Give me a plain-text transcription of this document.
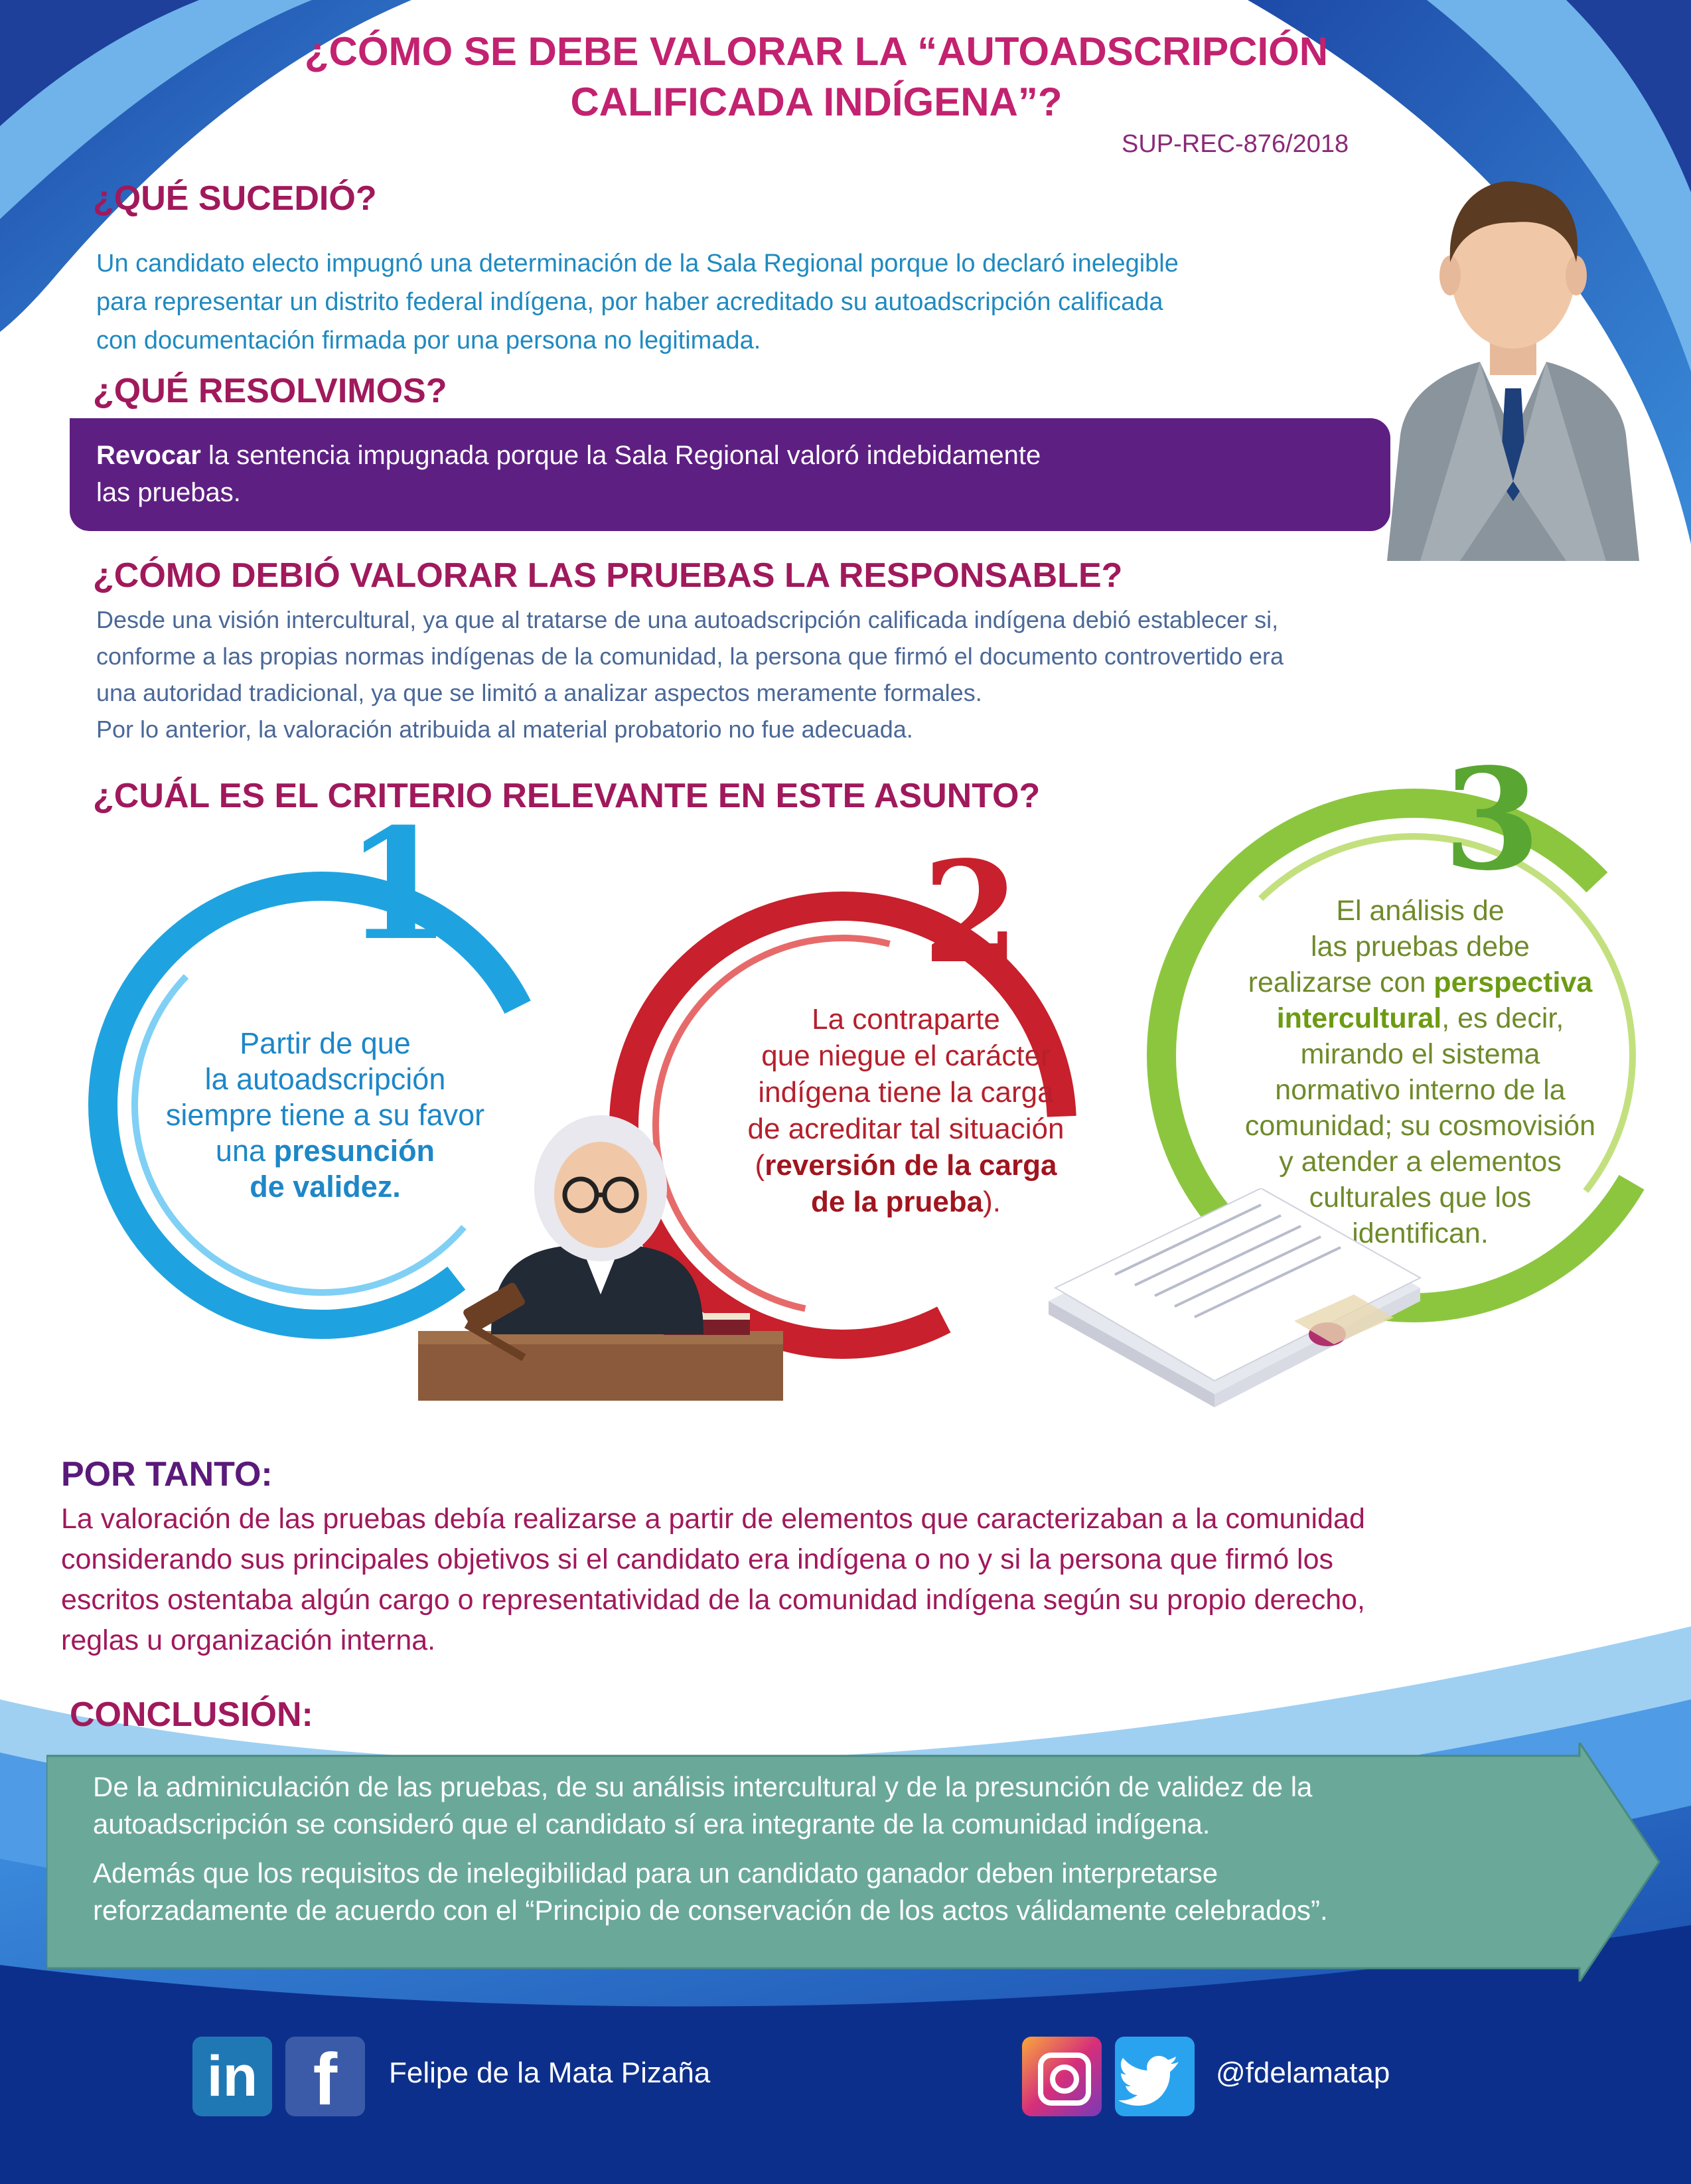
¿CÓMO SE DEBE VALORAR LA “AUTOADSCRIPCIÓN
CALIFICADA INDÍGENA”?
SUP-REC-876/2018
¿QUÉ SUCEDIÓ?
Un candidato electo impugnó una determinación de la Sala Regional porque lo declaró inelegible
para representar un distrito federal indígena, por haber acreditado su autoadscripción calificada
con documentación firmada por una persona no legitimada.
¿QUÉ RESOLVIMOS?
Revocar la sentencia impugnada porque la Sala Regional valoró indebidamente
las pruebas.
¿CÓMO DEBIÓ VALORAR LAS PRUEBAS LA RESPONSABLE?
Desde una visión intercultural, ya que al tratarse de una autoadscripción calificada indígena debió establecer si,
conforme a las propias normas indígenas de la comunidad, la persona que firmó el documento controvertido era
una autoridad tradicional, ya que se limitó a analizar aspectos meramente formales.
Por lo anterior, la valoración atribuida al material probatorio no fue adecuada.
¿CUÁL ES EL CRITERIO RELEVANTE EN ESTE ASUNTO?
1	2
3
Partir de que
la autoadscripción
siempre tiene a su favor
una presunción
de validez.
La contraparte
que niegue el carácter
indígena tiene la carga
de acreditar tal situación
(reversión de la carga
de la prueba).
El análisis de
las pruebas debe
realizarse con perspectiva
intercultural, es decir,
mirando el sistema
normativo interno de la
comunidad; su cosmovisión
y atender a elementos
culturales que los
identifican.
POR TANTO:
La valoración de las pruebas debía realizarse a partir de elementos que caracterizaban a la comunidad
considerando sus principales objetivos si el candidato era indígena o no y si la persona que firmó los
escritos ostentaba algún cargo o representatividad de la comunidad indígena según su propio derecho,
reglas u organización interna.
CONCLUSIÓN:
De la adminiculación de las pruebas, de su análisis intercultural y de la presunción de validez de la
autoadscripción se consideró que el candidato sí era integrante de la comunidad indígena.
Además que los requisitos de inelegibilidad para un candidato ganador deben interpretarse
reforzadamente de acuerdo con el “Principio de conservación de los actos válidamente celebrados”.
in f	Felipe de la Mata Pizaña	@fdelamatap
